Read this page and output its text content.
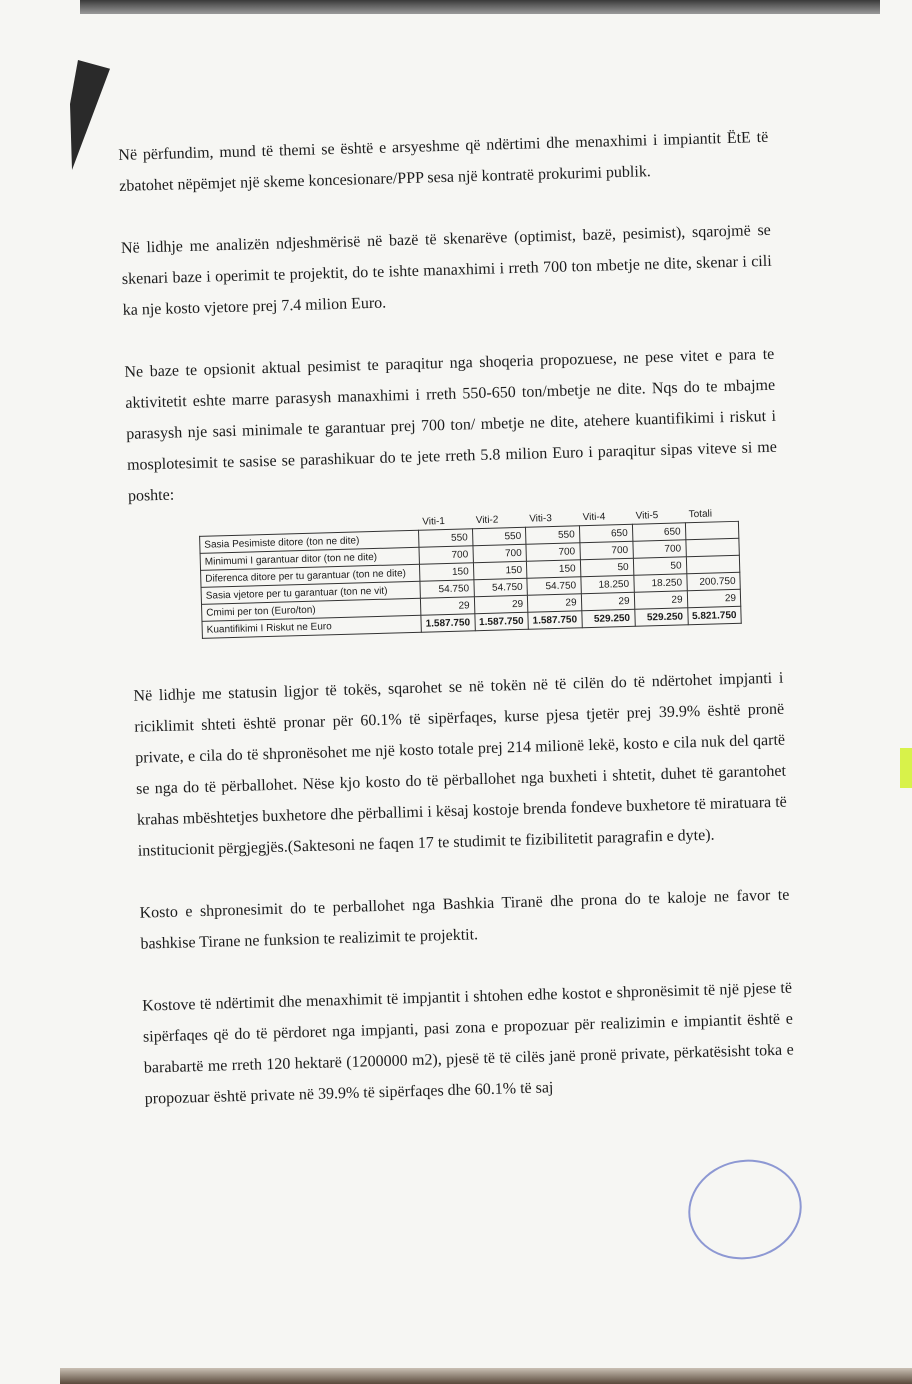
Në përfundim, mund të themi se është e arsyeshme që ndërtimi dhe menaxhimi i impiantit ËtE të zbatohet nëpëmjet një skeme koncesionare/PPP sesa një kontratë prokurimi publik.

Në lidhje me analizën ndjeshmërisë në bazë të skenarëve (optimist, bazë, pesimist), sqarojmë se skenari baze i operimit te projektit, do te ishte manaxhimi i rreth 700 ton mbetje ne dite, skenar i cili ka nje kosto vjetore prej 7.4 milion Euro.

Ne baze te opsionit aktual pesimist te paraqitur nga shoqeria propozuese, ne pese vitet e para te aktivitetit eshte marre parasysh manaxhimi i rreth 550-650 ton/mbetje ne dite. Nqs do te mbajme parasysh nje sasi minimale te garantuar prej 700 ton/ mbetje ne dite, atehere kuantifikimi i riskut i mosplotesimit te sasise se parashikuar do te jete rreth 5.8 milion Euro i paraqitur sipas viteve si me poshte:

	Viti-1	Viti-2	Viti-3	Viti-4	Viti-5	Totali
Sasia Pesimiste ditore (ton ne dite)	550	550	550	650	650	
Minimumi I garantuar ditor (ton ne dite)	700	700	700	700	700	
Diferenca ditore per tu garantuar (ton ne dite)	150	150	150	50	50	
Sasia vjetore per tu garantuar (ton ne vit)	54.750	54.750	54.750	18.250	18.250	200.750
Cmimi per ton (Euro/ton)	29	29	29	29	29	29
Kuantifikimi I Riskut ne Euro	1.587.750	1.587.750	1.587.750	529.250	529.250	5.821.750

Në lidhje me statusin ligjor të tokës, sqarohet se në tokën në të cilën do të ndërtohet impjanti i riciklimit shteti është pronar për 60.1% të sipërfaqes, kurse pjesa tjetër prej 39.9% është pronë private, e cila do të shpronësohet me një kosto totale prej 214 milionë lekë, kosto e cila nuk del qartë se nga do të përballohet. Nëse kjo kosto do të përballohet nga buxheti i shtetit, duhet të garantohet krahas mbështetjes buxhetore dhe përballimi i kësaj kostoje brenda fondeve buxhetore të miratuara të institucionit përgjegjës.(Saktesoni ne faqen 17 te studimit te fizibilitetit paragrafin e dyte).

Kosto e shpronesimit do te perballohet nga Bashkia Tiranë dhe prona do te kaloje ne favor te bashkise Tirane ne funksion te realizimit te projektit.

Kostove të ndërtimit dhe menaxhimit të impjantit i shtohen edhe kostot e shpronësimit të një pjese të sipërfaqes që do të përdoret nga impjanti, pasi zona e propozuar për realizimin e impiantit është e barabartë me rreth 120 hektarë (1200000 m2), pjesë të të cilës janë pronë private, përkatësisht toka e propozuar është private në 39.9% të sipërfaqes dhe 60.1% të saj
